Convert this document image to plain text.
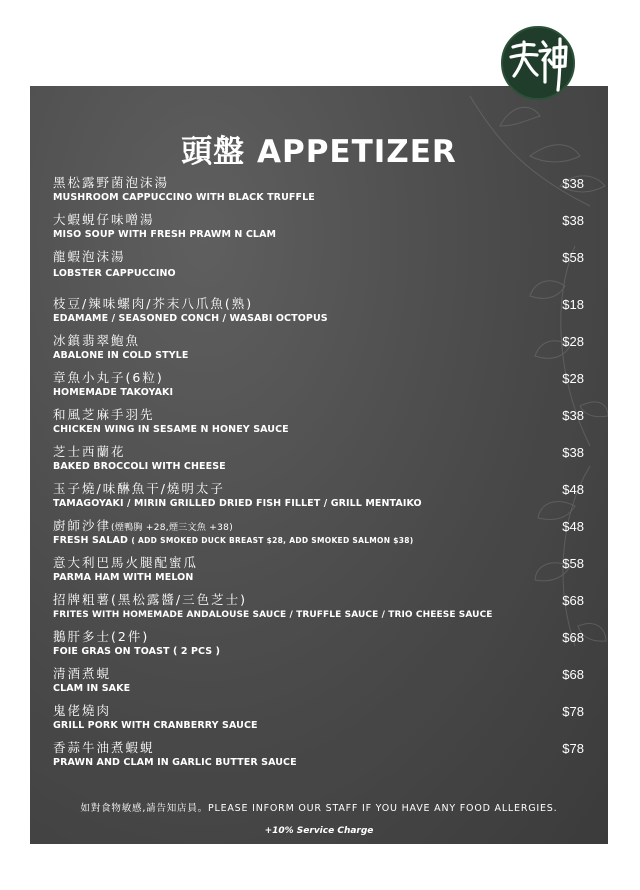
頭盤 APPETIZER
黑松露野菌泡沫湯
MUSHROOM CAPPUCCINO WITH BLACK TRUFFLE
$38
大蝦蜆仔味噌湯
MISO SOUP WITH FRESH PRAWM N CLAM
$38
龍蝦泡沫湯
LOBSTER CAPPUCCINO
$58
枝豆/辣味螺肉/芥末八爪魚(熟)
EDAMAME / SEASONED CONCH / WASABI OCTOPUS
$18
冰鎮翡翠鮑魚
ABALONE IN COLD STYLE
$28
章魚小丸子(6粒)
HOMEMADE TAKOYAKI
$28
和風芝麻手羽先
CHICKEN WING IN SESAME N HONEY SAUCE
$38
芝士西蘭花
BAKED BROCCOLI WITH CHEESE
$38
玉子燒/味醂魚干/燒明太子
TAMAGOYAKI / MIRIN GRILLED DRIED FISH FILLET / GRILL MENTAIKO
$48
廚師沙律(煙鴨胸 +28,煙三文魚 +38)
FRESH SALAD ( ADD SMOKED DUCK BREAST $28, ADD SMOKED SALMON $38)
$48
意大利巴馬火腿配蜜瓜
PARMA HAM WITH MELON
$58
招牌粗薯(黑松露醬/三色芝士)
FRITES WITH HOMEMADE ANDALOUSE SAUCE / TRUFFLE SAUCE / TRIO CHEESE SAUCE
$68
鵝肝多士(2件)
FOIE GRAS ON TOAST ( 2 PCS )
$68
清酒煮蜆
CLAM IN SAKE
$68
鬼佬燒肉
GRILL PORK WITH CRANBERRY SAUCE
$78
香蒜牛油煮蝦蜆
PRAWN AND CLAM IN GARLIC BUTTER SAUCE
$78
如對食物敏感,請告知店員。PLEASE INFORM OUR STAFF IF YOU HAVE ANY FOOD ALLERGIES.
+10% Service Charge
